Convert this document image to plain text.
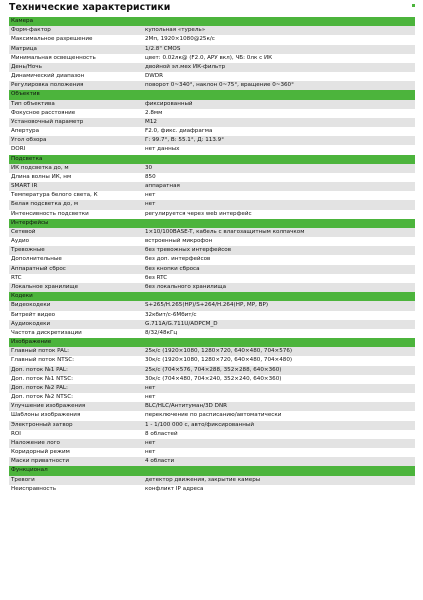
Технические характеристики
Камера
Форм-фактор	купольная «турель»
Максимальное разрешение	2Мп, 1920×1080@25к/с
Матрица	1/2.8" CMOS
Минимальная освещенность	цвет: 0.02лк@ (F2.0, АРУ вкл), ЧБ: 0лк с ИК
День/Ночь	двойной эл.мех ИК-фильтр
Динамический диапазон	DWDR
Регулировка положения	поворот 0~340°, наклон 0~75°, вращение 0~360°
Объектив
Тип объектива	фиксированный
Фокусное расстояние	2.8мм
Установочный параметр	M12
Апертура	F2.0, фикс. диафрагма
Угол обзора	Г: 99.7°, В: 55.1°, Д: 113.9°
DORI	нет данных
Подсветка
ИК подсветка до, м	30
Длина волны ИК, нм	850
SMART IR	аппаратная
Температура белого света, К	нет
Белая подсветка до, м	нет
Интенсивность подсветки	регулируется через web интерфейс
Интерфейсы
Сетевой	1×10/100BASE-T, кабель с влагозащитным колпачком
Аудио	встроенный микрофон
Тревожные	без тревожных интерфейсов
Дополнительные	без доп. интерфейсов
Аппаратный сброс	без кнопки сброса
RTC	без RTC
Локальное хранилище	без локального хранилища
Кодеки
Видеокодеки	S+265/H.265(HP)/S+264/H.264(HP, MP, BP)
Битрейт видео	32кбит/с-6Мбит/с
Аудиокодеки	G.711A/G.711U/ADPCM_D
Частота дискретизации	8/32/48кГц
Изображение
Главный поток PAL:	25к/с (1920×1080, 1280×720, 640×480, 704×576)
Главный поток NTSC:	30к/с (1920×1080, 1280×720, 640×480, 704×480)
Доп. поток №1 PAL:	25к/с (704×576, 704×288, 352×288, 640×360)
Доп. поток №1 NTSC:	30к/с (704×480, 704×240, 352×240, 640×360)
Доп. поток №2 PAL:	нет
Доп. поток №2 NTSC:	нет
Улучшение изображения	BLC/HLC/Антитуман/3D DNR
Шаблоны изображения	переключение по расписанию/автоматически
Электронный затвор	1 - 1/100 000 с, авто/фиксированный
ROI	8 областей
Наложение лого	нет
Коридорный режим	нет
Маски приватности	4 области
Функционал
Тревоги	детектор движения, закрытие камеры
Неисправность	конфликт IP адреса
